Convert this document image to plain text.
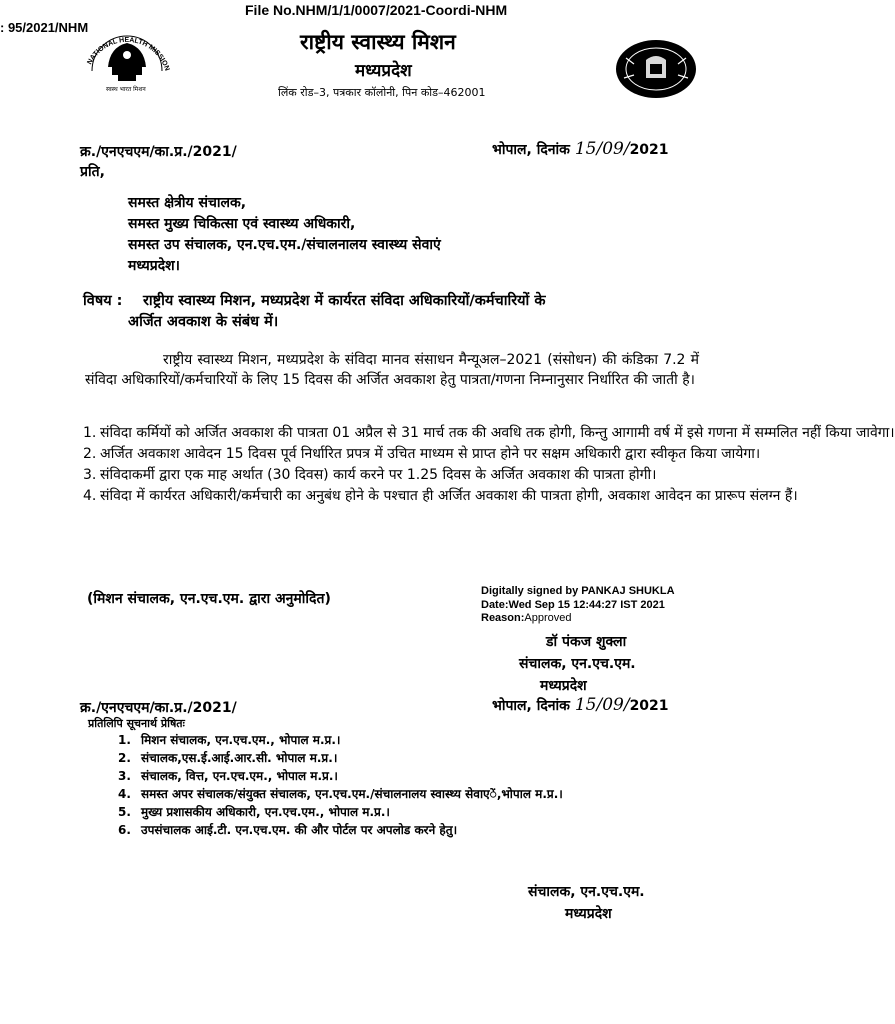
File No.NHM/1/1/0007/2021-Coordi-NHM
: 95/2021/NHM
NATIONAL HEALTH MISSION
स्वस्थ भारत मिशन
राष्ट्रीय स्वास्थ्य मिशन
मध्यप्रदेश
लिंक रोड–3, पत्रकार कॉलोनी, पिन कोड–462001
क्र./एनएचएम/का.प्र./2021/	भोपाल, दिनांक 15/09/2021
प्रति,
समस्त क्षेत्रीय संचालक,
समस्त मुख्य चिकित्सा एवं स्वास्थ्य अधिकारी,
समस्त उप संचालक, एन.एच.एम./संचालनालय स्वास्थ्य सेवाएं
मध्यप्रदेश।
विषय : राष्ट्रीय स्वास्थ्य मिशन, मध्यप्रदेश में कार्यरत संविदा अधिकारियों/कर्मचारियों के
अर्जित अवकाश के संबंध में।
राष्ट्रीय स्वास्थ्य मिशन, मध्यप्रदेश के संविदा मानव संसाधन मैन्यूअल–2021 (संसोधन) की कंडिका 7.2 में संविदा अधिकारियों/कर्मचारियों के लिए 15 दिवस की अर्जित अवकाश हेतु पात्रता/गणना निम्नानुसार निर्धारित की जाती है।
1. संविदा कर्मियों को अर्जित अवकाश की पात्रता 01 अप्रैल से 31 मार्च तक की अवधि तक होगी, किन्तु आगामी वर्ष में इसे गणना में सम्मलित नहीं किया जावेगा।
2. अर्जित अवकाश आवेदन 15 दिवस पूर्व निर्धारित प्रपत्र में उचित माध्यम से प्राप्त होने पर सक्षम अधिकारी द्वारा स्वीकृत किया जायेगा।
3. संविदाकर्मी द्वारा एक माह अर्थात (30 दिवस) कार्य करने पर 1.25 दिवस के अर्जित अवकाश की पात्रता होगी।
4. संविदा में कार्यरत अधिकारी/कर्मचारी का अनुबंध होने के पश्चात ही अर्जित अवकाश की पात्रता होगी, अवकाश आवेदन का प्रारूप संलग्न हैं।
(मिशन संचालक, एन.एच.एम. द्वारा अनुमोदित)	Digitally signed by PANKAJ SHUKLA
Date:Wed Sep 15 12:44:27 IST 2021
Reason:Approved
डॉ पंकज शुक्ला
संचालक, एन.एच.एम.
मध्यप्रदेश
क्र./एनएचएम/का.प्र./2021/	भोपाल, दिनांक 15/09/2021
प्रतिलिपि सूचनार्थ प्रेषितः
1. मिशन संचालक, एन.एच.एम., भोपाल म.प्र.।
2. संचालक,एस.ई.आई.आर.सी. भोपाल म.प्र.।
3. संचालक, वित्त, एन.एच.एम., भोपाल म.प्र.।
4. समस्त अपर संचालक/संयुक्त संचालक, एन.एच.एम./संचालनालय स्वास्थ्य सेवाएें,भोपाल म.प्र.।
5. मुख्य प्रशासकीय अधिकारी, एन.एच.एम., भोपाल म.प्र.।
6. उपसंचालक आई.टी. एन.एच.एम. की और पोर्टल पर अपलोड करने हेतु।
संचालक, एन.एच.एम.
मध्यप्रदेश
